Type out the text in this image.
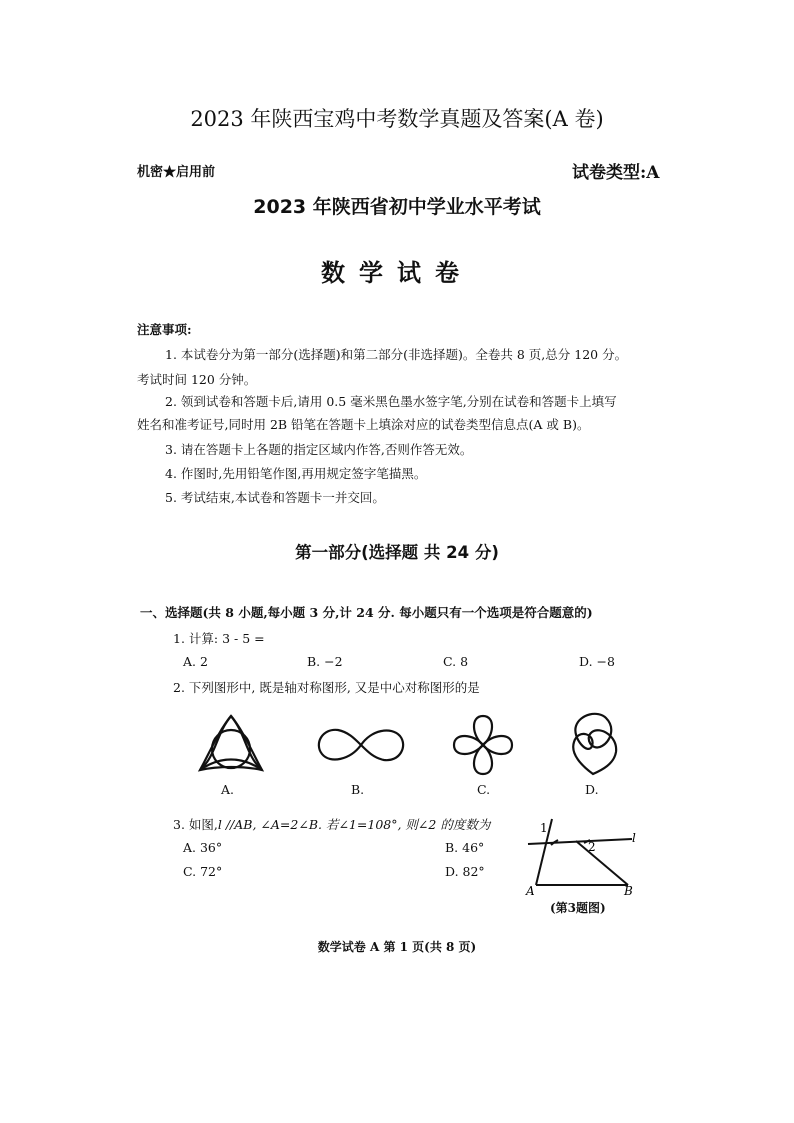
2023 年陕西宝鸡中考数学真题及答案(A 卷)
机密★启用前	试卷类型:A
2023 年陕西省初中学业水平考试
数学试卷
注意事项:
1. 本试卷分为第一部分(选择题)和第二部分(非选择题)。全卷共 8 页,总分 120 分。
考试时间 120 分钟。
2. 领到试卷和答题卡后,请用 0.5 毫米黑色墨水签字笔,分别在试卷和答题卡上填写
姓名和准考证号,同时用 2B 铅笔在答题卡上填涂对应的试卷类型信息点(A 或 B)。
3. 请在答题卡上各题的指定区域内作答,否则作答无效。
4. 作图时,先用铅笔作图,再用规定签字笔描黑。
5. 考试结束,本试卷和答题卡一并交回。
第一部分(选择题 共 24 分)
一、选择题(共 8 小题,每小题 3 分,计 24 分. 每小题只有一个选项是符合题意的)
1. 计算: 3 - 5 =
A. 2	B. −2	C. 8	D. −8
2. 下列图形中, 既是轴对称图形, 又是中心对称图形的是
A.	B.	C.	D.
3. 如图,l //AB, ∠A=2∠B. 若∠1=108°, 则∠2 的度数为
A. 36°	B. 46°
C. 72°	D. 82°
1
2
l
A	B
(第3题图)
数学试卷 A 第 1 页(共 8 页)
